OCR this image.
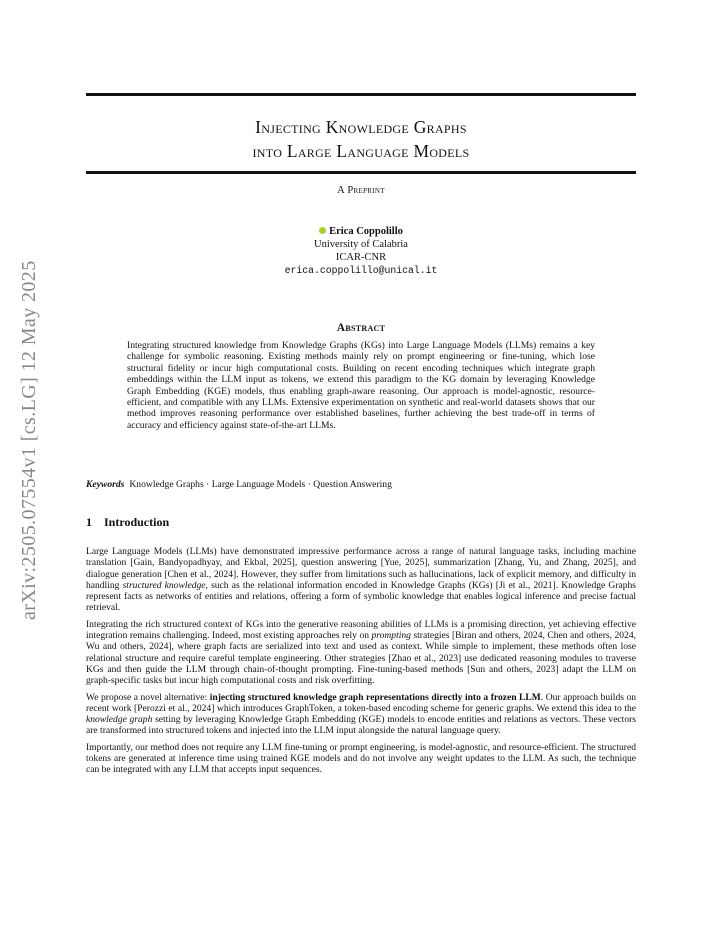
arXiv:2505.07554v1 [cs.LG] 12 May 2025
Injecting Knowledge Graphs
into Large Language Models
A Preprint
Erica Coppolillo
University of Calabria
ICAR-CNR
erica.coppolillo@unical.it
Abstract
Integrating structured knowledge from Knowledge Graphs (KGs) into Large Language Models (LLMs) remains a key challenge for symbolic reasoning. Existing methods mainly rely on prompt engineering or fine-tuning, which lose structural fidelity or incur high computational costs. Building on recent encoding techniques which integrate graph embeddings within the LLM input as tokens, we extend this paradigm to the KG domain by leveraging Knowledge Graph Embedding (KGE) models, thus enabling graph-aware reasoning. Our approach is model-agnostic, resource-efficient, and compatible with any LLMs. Extensive experimentation on synthetic and real-world datasets shows that our method improves reasoning performance over established baselines, further achieving the best trade-off in terms of accuracy and efficiency against state-of-the-art LLMs.
Keywords Knowledge Graphs · Large Language Models · Question Answering
1 Introduction

Large Language Models (LLMs) have demonstrated impressive performance across a range of natural language tasks, including machine translation [Gain, Bandyopadhyay, and Ekbal, 2025], question answering [Yue, 2025], summarization [Zhang, Yu, and Zhang, 2025], and dialogue generation [Chen et al., 2024]. However, they suffer from limitations such as hallucinations, lack of explicit memory, and difficulty in handling structured knowledge, such as the relational information encoded in Knowledge Graphs (KGs) [Ji et al., 2021]. Knowledge Graphs represent facts as networks of entities and relations, offering a form of symbolic knowledge that enables logical inference and precise factual retrieval.

Integrating the rich structured context of KGs into the generative reasoning abilities of LLMs is a promising direction, yet achieving effective integration remains challenging. Indeed, most existing approaches rely on prompting strategies [Biran and others, 2024, Chen and others, 2024, Wu and others, 2024], where graph facts are serialized into text and used as context. While simple to implement, these methods often lose relational structure and require careful template engineering. Other strategies [Zhao et al., 2023] use dedicated reasoning modules to traverse KGs and then guide the LLM through chain-of-thought prompting. Fine-tuning-based methods [Sun and others, 2023] adapt the LLM on graph-specific tasks but incur high computational costs and risk overfitting.

We propose a novel alternative: injecting structured knowledge graph representations directly into a frozen LLM. Our approach builds on recent work [Perozzi et al., 2024] which introduces GraphToken, a token-based encoding scheme for generic graphs. We extend this idea to the knowledge graph setting by leveraging Knowledge Graph Embedding (KGE) models to encode entities and relations as vectors. These vectors are transformed into structured tokens and injected into the LLM input alongside the natural language query.

Importantly, our method does not require any LLM fine-tuning or prompt engineering, is model-agnostic, and resource-efficient. The structured tokens are generated at inference time using trained KGE models and do not involve any weight updates to the LLM. As such, the technique can be integrated with any LLM that accepts input sequences.
